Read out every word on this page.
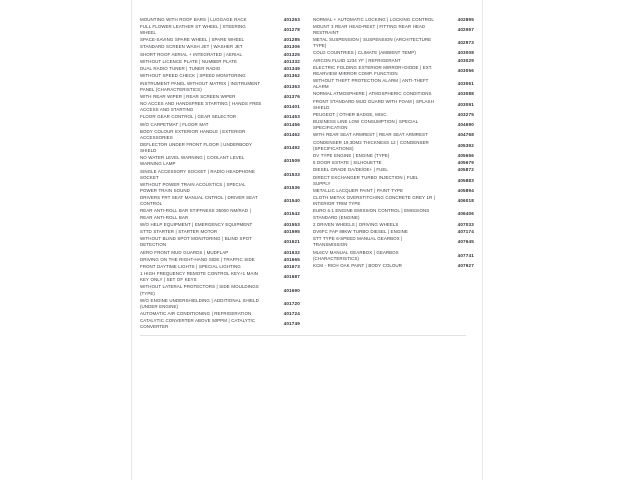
MOUNTING WITH ROOF BARS | LUGGAGE RACK	401263
FULL FLOWER LEATHER ST WHEEL | STEERING WHEEL
401278
SPACE-SAVING SPARE WHEEL | SPARE WHEEL	401285
STANDARD SCREEN WASH JET | WASHER JET	401306
SHORT ROOF AERIAL + INTEGRATED | AERIAL	401325
WITHOUT LICENCE PLATE | NUMBER PLATE	401332
DUAL RADIO TUNER | TUNER RADIO	401349
WITHOUT SPEED CHECK | SPEED MONITORING	401362
INSTRUMENT PANEL WITHOUT MATRIX | INSTRUMENT PANEL (CHARACTERISTICS)
401363
WITH REAR WIPER | REAR SCREEN WIPER	401376
NO ACCES AND HANDSFREE STARTING | HANDS FREE ACCESS AND STARTING
401401
FLOOR GEAR CONTROL | GEAR SELECTOR	401453
W/O CARPETMAT | FLOOR MAT	401456
BODY COLOUR EXTERIOR HANDLE | EXTERIOR ACCESSORIES
401462
DEFLECTOR UNDER FRONT FLOOR | UNDERBODY SHIELD
401492
NO WATER LEVEL WARNING | COOLANT LEVEL WARNING LAMP
401509
SINGLE ACCESSORY SOCKET | RADIO HEADPHONE SOCKET
401533
WITHOUT POWER TRAIN ACOUSTICS | SPECIAL POWER TRAIN SOUND
401536
DRIVERS FRT SEAT MANUAL CNTROL | DRIVER SEAT CONTROL
401540
REAR ANTI-ROLL BAR STIFFNESS 35000 NM/RAD | REAR ANTI-ROLL BAR
401542
W/O HELP EQUIPMENT | EMERGENCY EQUIPMENT	401553
STTD STARTER | STARTER MOTOR	401595
WITHOUT BLIND SPOT MONITORING | BLIND SPOT DETECTION
401621
AERO FRONT MUD GUARDS | MUDFLAP	401632
DRIVING ON THE RIGHT-HAND SIDE | TRAFFIC SIDE	401665
FRONT DAYTIME LIGHTS | SPECIAL LIGHTING	401673
1 HIGH FREQUENCY REMOTE CONTROL KEY+1 MAIN KEY ONLY | SET OF KEYS
401687
WITHOUT LATERAL PROTECTORS | SIDE MOULDINGS (TYPE)
401690
W/O ENGINE UNDERSHIELDING | ADDITIONAL SHIELD (UNDER ENGINE)
401720
AUTOMATIC AIR CONDITIONING | REFRIGERATION	401724
CATALYTIC CONVERTER ABOVE 50PPM | CATALYTIC CONVERTER
401749
NORMAL + AUTOMATIC LOCKING | LOCKING CONTROL	402895
MOUNT 3 REAR HEAD-REST | FITTING REAR HEAD RESTRAINT
402957
METAL SUSPENSION | SUSPENSION (ARCHITECTURE TYPE)
402973
COLD COUNTRIES | CLIMATE (AMBIENT TEMP)	403008
AIRCON FLUID 1234 YF | REFRIGERANT	403029
ELECTRIC FOLDING EXTERIOR MIRROR+DIODE | EXT. REARVIEW MIRROR COMP. FUNCTION
403056
WITHOUT THEFT PROTECTION ALARM | ANTI-THEFT ALARM
403061
NORMAL ATMOSPHERE | ATMOSPHERIC CONDITIONS	403088
FRONT STANDARD MUD GUARD WITH FOAM | SPLASH SHIELD
403091
PEUGEOT | OTHER BADGE, MISC.	403275
BUSINESS LINE LOW CONSUMPTION | SPECIAL SPECIFICATION
404690
WITH REAR SEAT ARMREST | REAR SEAT ARMREST	404768
CONDENSER 19,3DM2 THICKNESS 12 | CONDENSER (SPECIFICATIONS)
405392
DV TYPE ENGINE | ENGINE (TYPE)	405656
5 DOOR ESTATE | SILHOUETTE	405679
DIESEL GRADE DA/DE/DE+ | FUEL	405872
DIRECT EXCHANGER TURBO INJECTION | FUEL SUPPLY
405883
METALLIC LACQUER PAINT | PAINT TYPE	405894
CLOTH METAX OVERSTITCHING CONCRETE GREY 1R | INTERIOR TRIM TYPE
406018
EURO 6.1 ENGINE EMISSION CONTROL | EMISSIONS STANDARD (ENGINE)
406406
2 DRIVEN WHEELS | DRIVING WHEELS	407033
DV6FC FAP 88KW TURBO DIESEL | ENGINE	407174
STT TYPE 6-SPEED MANUAL GEARBOX | TRANSMISSION
407645
ML6CV MANUAL GEARBOX | GEARBOX (CHARACTERISTICS)
407741
KCM - RICH OAK PAINT | BODY COLOUR	407927
